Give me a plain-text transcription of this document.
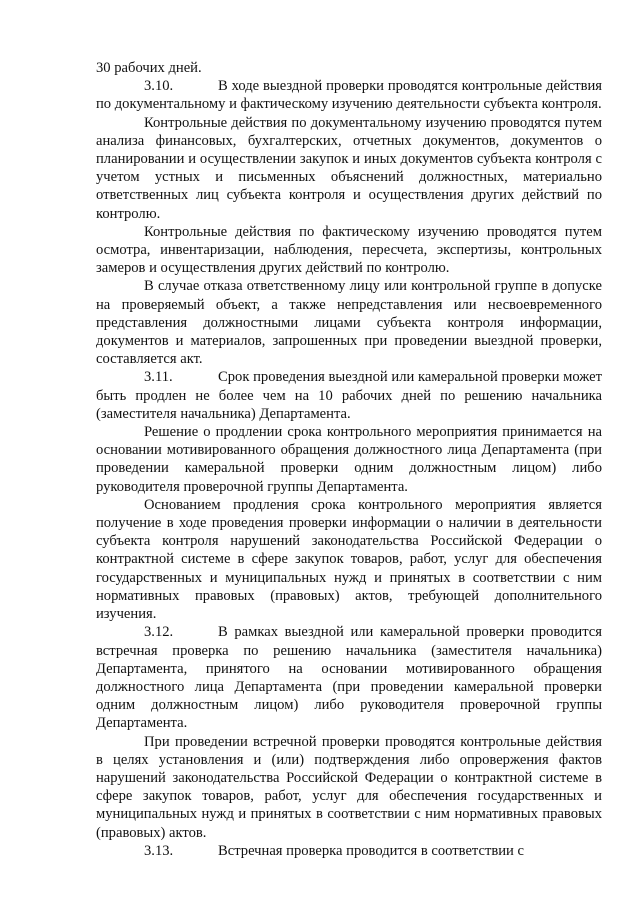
30 рабочих дней.

3.10.	В ходе выездной проверки проводятся контрольные действия по документальному и фактическому изучению деятельности субъекта контроля.

Контрольные действия по документальному изучению проводятся путем анализа финансовых, бухгалтерских, отчетных документов, документов о планировании и осуществлении закупок и иных документов субъекта контроля с учетом устных и письменных объяснений должностных, материально ответственных лиц субъекта контроля и осуществления других действий по контролю.

Контрольные действия по фактическому изучению проводятся путем осмотра, инвентаризации, наблюдения, пересчета, экспертизы, контрольных замеров и осуществления других действий по контролю.

В случае отказа ответственному лицу или контрольной группе в допуске на проверяемый объект, а также непредставления или несвоевременного представления должностными лицами субъекта контроля информации, документов и материалов, запрошенных при проведении выездной проверки, составляется акт.

3.11.	Срок проведения выездной или камеральной проверки может быть продлен не более чем на 10 рабочих дней по решению начальника (заместителя начальника) Департамента.

Решение о продлении срока контрольного мероприятия принимается на основании мотивированного обращения должностного лица Департамента (при проведении камеральной проверки одним должностным лицом) либо руководителя проверочной группы Департамента.

Основанием продления срока контрольного мероприятия является получение в ходе проведения проверки информации о наличии в деятельности субъекта контроля нарушений законодательства Российской Федерации о контрактной системе в сфере закупок товаров, работ, услуг для обеспечения государственных и муниципальных нужд и принятых в соответствии с ним нормативных правовых (правовых) актов, требующей дополнительного изучения.

3.12.	В рамках выездной или камеральной проверки проводится встречная проверка по решению начальника (заместителя начальника) Департамента, принятого на основании мотивированного обращения должностного лица Департамента (при проведении камеральной проверки одним должностным лицом) либо руководителя проверочной группы Департамента.

При проведении встречной проверки проводятся контрольные действия в целях установления и (или) подтверждения либо опровержения фактов нарушений законодательства Российской Федерации о контрактной системе в сфере закупок товаров, работ, услуг для обеспечения государственных и муниципальных нужд и принятых в соответствии с ним нормативных правовых (правовых) актов.

3.13.	Встречная проверка проводится в соответствии с
